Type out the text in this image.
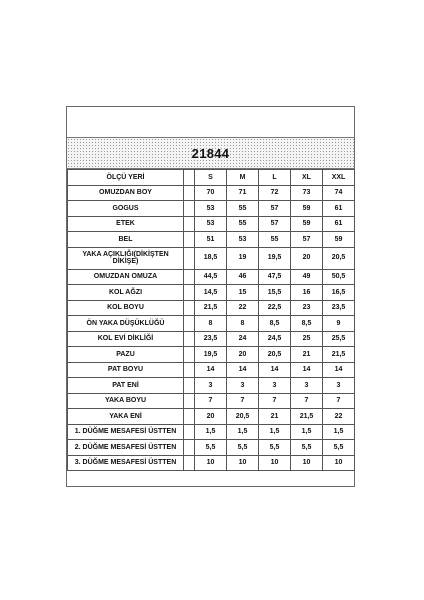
21844
ÖLÇÜ YERİ		S	M	L	XL	XXL
OMUZDAN BOY		70	71	72	73	74
GOGUS		53	55	57	59	61
ETEK		53	55	57	59	61
BEL		51	53	55	57	59
YAKA AÇIKLIĞI(DİKİŞTEN DİKİŞE)		18,5	19	19,5	20	20,5
OMUZDAN OMUZA		44,5	46	47,5	49	50,5
KOL AĞZI		14,5	15	15,5	16	16,5
KOL BOYU		21,5	22	22,5	23	23,5
ÖN YAKA DÜŞÜKLÜĞÜ		8	8	8,5	8,5	9
KOL EVİ DİKLİĞİ		23,5	24	24,5	25	25,5
PAZU		19,5	20	20,5	21	21,5
PAT BOYU		14	14	14	14	14
PAT ENİ		3	3	3	3	3
YAKA BOYU		7	7	7	7	7
YAKA ENİ		20	20,5	21	21,5	22
1. DÜĞME MESAFESİ ÜSTTEN		1,5	1,5	1,5	1,5	1,5
2. DÜĞME MESAFESİ ÜSTTEN		5,5	5,5	5,5	5,5	5,5
3. DÜĞME MESAFESİ ÜSTTEN		10	10	10	10	10
